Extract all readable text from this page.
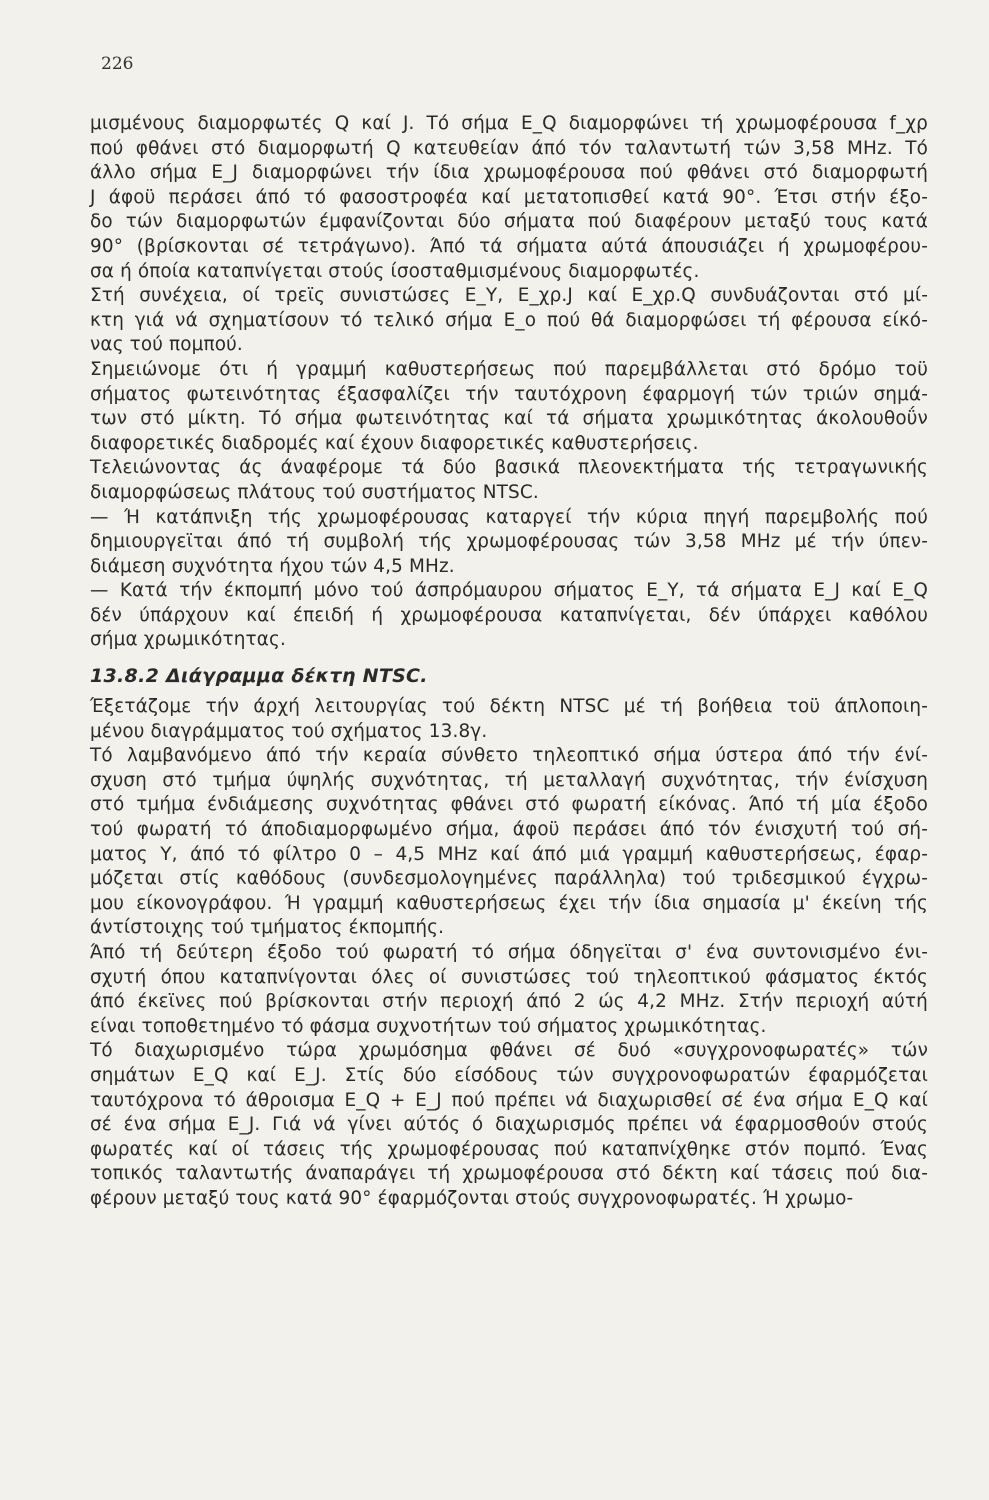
226
μισμένους διαμορφωτές Q καί J. Τό σήμα E_Q διαμορφώνει τή χρωμοφέρουσα f_χρ
πού φθάνει στό διαμορφωτή Q κατευθείαν άπό τόν ταλαντωτή τών 3,58 MHz. Τό
άλλο σήμα E_J διαμορφώνει τήν ίδια χρωμοφέρουσα πού φθάνει στό διαμορφωτή
J άφοϋ περάσει άπό τό φασοστροφέα καί μετατοπισθεί κατά 90°. Έτσι στήν έξο-
δο τών διαμορφωτών έμφανίζονται δύο σήματα πού διαφέρουν μεταξύ τους κατά
90° (βρίσκονται σέ τετράγωνο). Άπό τά σήματα αύτά άπουσιάζει ή χρωμοφέρου-
σα ή όποία καταπνίγεται στούς ίσοσταθμισμένους διαμορφωτές.
Στή συνέχεια, οί τρεϊς συνιστώσες E_Y, E_χρ.J καί E_χρ.Q συνδυάζονται στό μί-
κτη γιά νά σχηματίσουν τό τελικό σήμα E_o πού θά διαμορφώσει τή φέρουσα είκό-
νας τού πομπού.
Σημειώνομε ότι ή γραμμή καθυστερήσεως πού παρεμβάλλεται στό δρόμο τοϋ
σήματος φωτεινότητας έξασφαλίζει τήν ταυτόχρονη έφαρμογή τών τριών σημά-
των στό μίκτη. Τό σήμα φωτεινότητας καί τά σήματα χρωμικότητας άκολουθοΰν
διαφορετικές διαδρομές καί έχουν διαφορετικές καθυστερήσεις.
Τελειώνοντας άς άναφέρομε τά δύο βασικά πλεονεκτήματα τής τετραγωνικής
διαμορφώσεως πλάτους τού συστήματος NTSC.
— Ή κατάπνιξη τής χρωμοφέρουσας καταργεί τήν κύρια πηγή παρεμβολής πού
δημιουργεϊται άπό τή συμβολή τής χρωμοφέρουσας τών 3,58 MHz μέ τήν ύπεν-
διάμεση συχνότητα ήχου τών 4,5 MHz.
— Κατά τήν έκπομπή μόνο τού άσπρόμαυρου σήματος E_Y, τά σήματα E_J καί E_Q
δέν ύπάρχουν καί έπειδή ή χρωμοφέρουσα καταπνίγεται, δέν ύπάρχει καθόλου
σήμα χρωμικότητας.
13.8.2 Διάγραμμα δέκτη NTSC.
Έξετάζομε τήν άρχή λειτουργίας τού δέκτη NTSC μέ τή βοήθεια τοϋ άπλοποιη-
μένου διαγράμματος τού σχήματος 13.8γ.
Τό λαμβανόμενο άπό τήν κεραία σύνθετο τηλεοπτικό σήμα ύστερα άπό τήν ένί-
σχυση στό τμήμα ύψηλής συχνότητας, τή μεταλλαγή συχνότητας, τήν ένίσχυση
στό τμήμα ένδιάμεσης συχνότητας φθάνει στό φωρατή είκόνας. Άπό τή μία έξοδο
τού φωρατή τό άποδιαμορφωμένο σήμα, άφοϋ περάσει άπό τόν ένισχυτή τού σή-
ματος Y, άπό τό φίλτρο 0 – 4,5 MHz καί άπό μιά γραμμή καθυστερήσεως, έφαρ-
μόζεται στίς καθόδους (συνδεσμολογημένες παράλληλα) τού τριδεσμικού έγχρω-
μου είκονογράφου. Ή γραμμή καθυστερήσεως έχει τήν ίδια σημασία μ' έκείνη τής
άντίστοιχης τού τμήματος έκπομπής.
Άπό τή δεύτερη έξοδο τού φωρατή τό σήμα όδηγεϊται σ' ένα συντονισμένο ένι-
σχυτή όπου καταπνίγονται όλες οί συνιστώσες τού τηλεοπτικού φάσματος έκτός
άπό έκεϊνες πού βρίσκονται στήν περιοχή άπό 2 ώς 4,2 MHz. Στήν περιοχή αύτή
είναι τοποθετημένο τό φάσμα συχνοτήτων τού σήματος χρωμικότητας.
Τό διαχωρισμένο τώρα χρωμόσημα φθάνει σέ δυό «συγχρονοφωρατές» τών
σημάτων E_Q καί E_J. Στίς δύο είσόδους τών συγχρονοφωρατών έφαρμόζεται
ταυτόχρονα τό άθροισμα E_Q + E_J πού πρέπει νά διαχωρισθεί σέ ένα σήμα E_Q καί
σέ ένα σήμα E_J. Γιά νά γίνει αύτός ό διαχωρισμός πρέπει νά έφαρμοσθούν στούς
φωρατές καί οί τάσεις τής χρωμοφέρουσας πού καταπνίχθηκε στόν πομπό. Ένας
τοπικός ταλαντωτής άναπαράγει τή χρωμοφέρουσα στό δέκτη καί τάσεις πού δια-
φέρουν μεταξύ τους κατά 90° έφαρμόζονται στούς συγχρονοφωρατές. Ή χρωμο-
